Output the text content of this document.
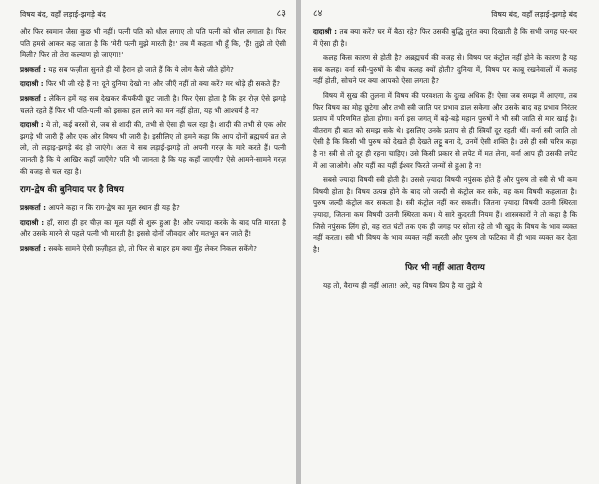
विषय बंद, वहाँ लड़ाई-झगड़े बंद	८३

और फिर स्वमान जैसा कुछ भी नहीं। पत्नी पति को धौल लगाए तो पति पत्नी को धौल लगाता है। फिर पति हमसे आकर कह जाता है कि 'मेरी पत्नी मुझे मारती है!' तब मैं कहता भी हूँ कि, 'हैं! तुझे तो ऐसी मिली? फिर तो तेरा कल्याण हो जाएगा!'

प्रश्नकर्ता : यह सब फज़ीता सुनते ही यों हैरान हो जाते हैं कि ये लोग कैसे जीते होंगे?

दादाश्री : फिर भी जी रहे हैं न! दूने दुनिया देखो न! और जीएँ नहीं तो क्या करें? मर थोड़े ही सकते हैं?

प्रश्नकर्ता : लेकिन हमें यह सब देखकर कँपकँपी छूट जाती है। फिर ऐसा होता है कि हर रोज़ ऐसे झगड़े चलते रहते हैं फिर भी पति-पत्नी को इसका हल लाने का मन नहीं होता, यह भी आश्चर्य है न?

दादाश्री : ये तो, कई बरसों से, जब से शादी की, तभी से ऐसा ही चल रहा है। शादी की तभी से एक ओर झगड़े भी जारी हैं और एक ओर विषय भी जारी है। इसीलिए तो हमने कहा कि आप दोनों ब्रह्मचर्य व्रत ले लो, तो लड़ाइ-झगड़े बंद हो जाएंगे। अतः ये सब लड़ाई-झगड़े तो अपनी गरज़ के मारे करते हैं। पत्नी जानती है कि ये आखिर कहाँ जाएँगे? पति भी जानता है कि यह कहाँ जाएगी? ऐसे आमने-सामने गरज़ की वजह से चल रहा है।

राग-द्वेष की बुनियाद पर है विषय

प्रश्नकर्ता : आपने कहा न कि राग-द्वेष का मूल स्थान ही यह है?

दादाश्री : हाँ, सारा ही हर चीज़ का मूल यहीं से शुरू हुआ है! और ज्यादा करके के बाद पति मारता है और उसके मारने से पहले पत्नी भी मारती है! इससे दोनों जीवदार और मतभूत बन जाते हैं!

प्रश्नकर्ता : सबके सामने ऐसी फ़ज़ीहत हो, तो फिर से बाहर हम क्या मुँह लेकर निकल सकेंगे?

८४	विषय बंद, वहाँ लड़ाई-झगड़े बंद

दादाश्री : तब क्या करें? घर में बैठा रहे? फिर उसकी बुद्धि तुरंत क्या दिखाती है कि सभी जगह घर-घर में ऐसा ही है।

कलह किस कारण से होती है? अब्रह्मचर्य की वजह से। विषय पर कंट्रोल नहीं होने के कारण है यह सब कलह। वर्ना स्त्री-पुरुषों के बीच कलह क्यों होती? दुनिया में, विषय पर काबू रखनेवालों में कलह नहीं होती, सोचने पर क्या आपको ऐसा लगता है?

विषय में सुख की तुलना में विषय की परवशता के दुःख अधिक हैं! ऐसा जब समझ में आएगा, तब फिर विषय का मोह छूटेगा और तभी स्त्री जाति पर प्रभाव डाल सकेगा और उसके बाद वह प्रभाव निरंतर प्रताप में परिणमित होता होगा। वर्ना इस जगत् में बड़े-बड़े महान पुरुषों ने भी स्त्री जाति से मार खाई है। वीतराग ही बात को समझ सके थे। इसलिए उनके प्रताप से ही स्त्रियाँ दूर रहती थीं। वर्ना स्त्री जाति तो ऐसी है कि किसी भी पुरुष को देखते ही देखते लट्टू बना दे, उनमें ऐसी शक्ति है। उसे ही स्त्री चरित्र कहा है न! स्त्री से तो दूर ही रहना चाहिए। उसे किसी प्रकार से लपेट में मत लेना, वर्ना आप ही उसकी लपेट में आ जाओगे। और यहीं का यहीं ईश्वर फिरते जन्मों से हुआ है न!

सबसे ज्यादा विषयी स्त्री होती है। उससे ज़्यादा विषयी नपुंसक होते हैं और पुरुष तो स्त्री से भी कम विषयी होता है। विषय उत्पन्न होने के बाद जो जल्दी से कंट्रोल कर सके, वह कम विषयी कहलाता है। पुरुष जल्दी कंट्रोल कर सकता है। स्त्री कंट्रोल नहीं कर सकती। जितना ज़्यादा विषयी उतनी स्थिरता ज़्यादा, जितना कम विषयी उतनी स्थिरता कम। ये सारे कुदरती नियम हैं। शास्त्रकारों ने तो कहा है कि जिसे नपुंसक लिंग हो, वह रात घंटों तक एक ही जगह पर सोता रहे तो भी खुद के विषय के भाव व्यक्त नहीं करता। स्त्री भी विषय के भाव व्यक्त नहीं करती और पुरुष तो फटिका में ही भाव व्यक्त कर देता है!

फिर भी नहीं आता वैराग्य

यह तो, वैराग्य ही नहीं आता! अरे, यह विषय प्रिय है या तुझे ये
